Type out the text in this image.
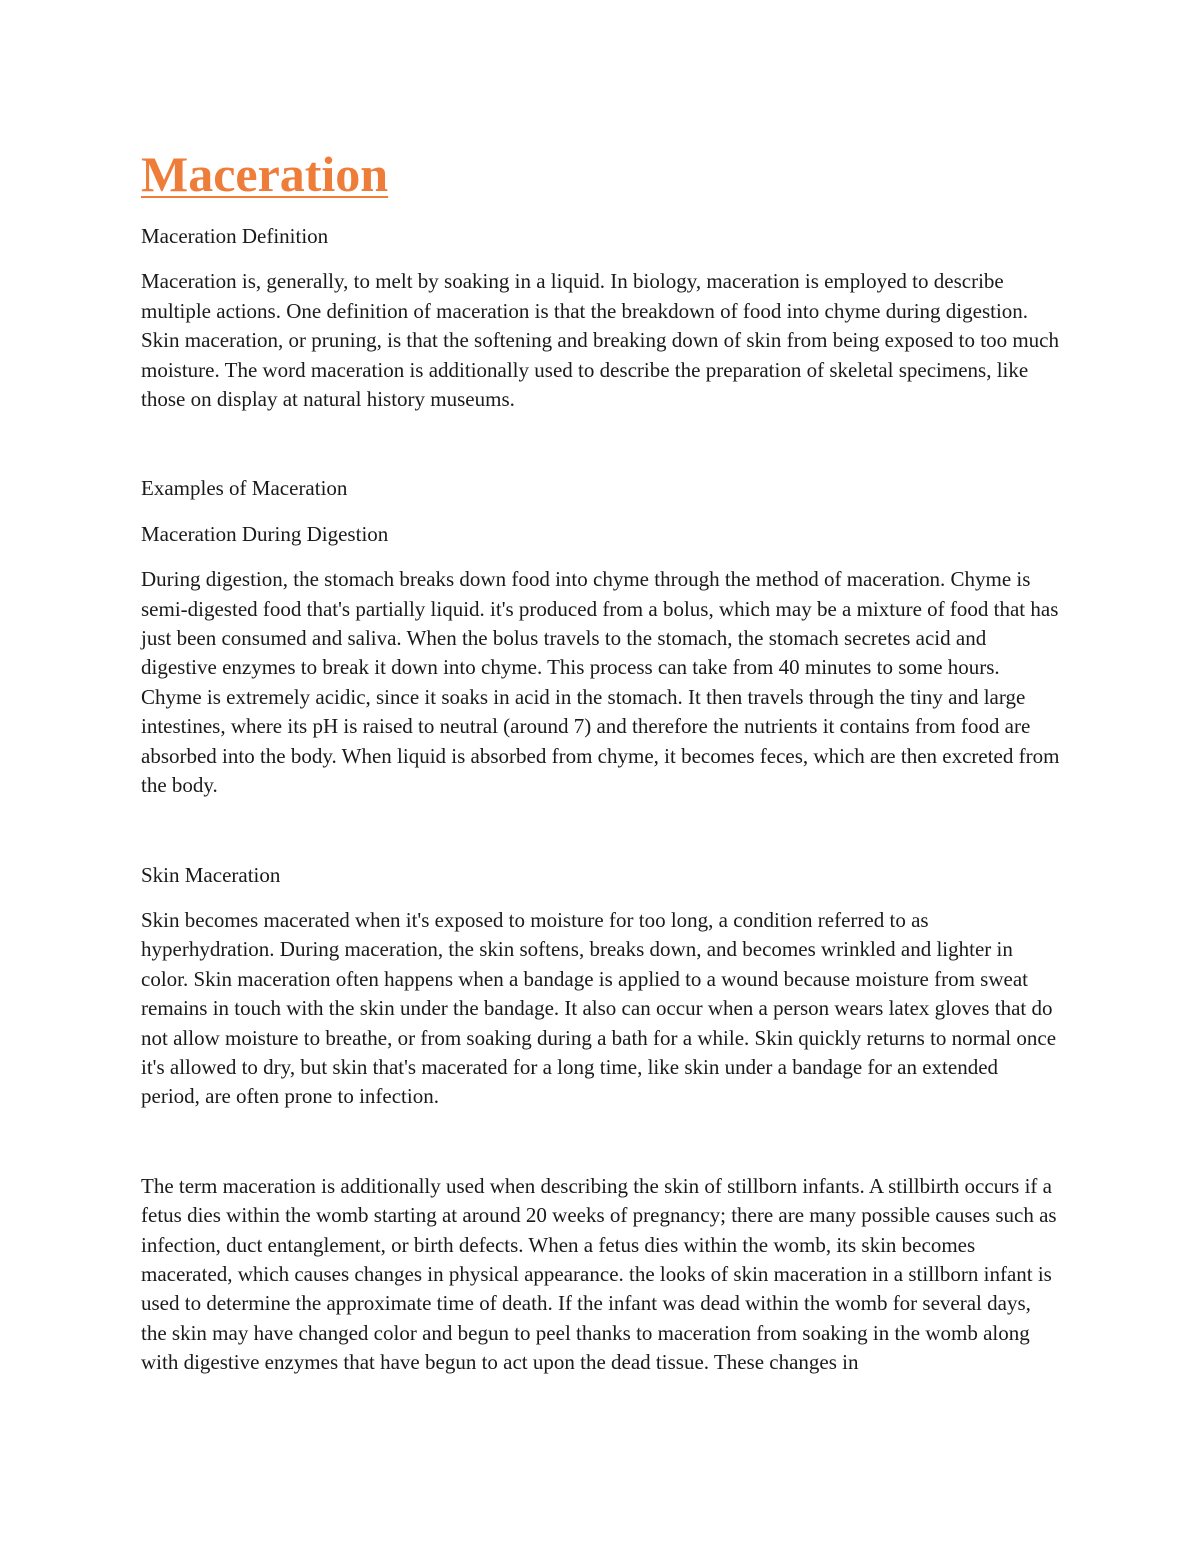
Maceration

Maceration Definition

Maceration is, generally, to melt by soaking in a liquid. In biology, maceration is employed to describe multiple actions. One definition of maceration is that the breakdown of food into chyme during digestion. Skin maceration, or pruning, is that the softening and breaking down of skin from being exposed to too much moisture. The word maceration is additionally used to describe the preparation of skeletal specimens, like those on display at natural history museums.

Examples of Maceration

Maceration During Digestion

During digestion, the stomach breaks down food into chyme through the method of maceration. Chyme is semi-digested food that's partially liquid. it's produced from a bolus, which may be a mixture of food that has just been consumed and saliva. When the bolus travels to the stomach, the stomach secretes acid and digestive enzymes to break it down into chyme. This process can take from 40 minutes to some hours. Chyme is extremely acidic, since it soaks in acid in the stomach. It then travels through the tiny and large intestines, where its pH is raised to neutral (around 7) and therefore the nutrients it contains from food are absorbed into the body. When liquid is absorbed from chyme, it becomes feces, which are then excreted from the body.

Skin Maceration

Skin becomes macerated when it's exposed to moisture for too long, a condition referred to as hyperhydration. During maceration, the skin softens, breaks down, and becomes wrinkled and lighter in color. Skin maceration often happens when a bandage is applied to a wound because moisture from sweat remains in touch with the skin under the bandage. It also can occur when a person wears latex gloves that do not allow moisture to breathe, or from soaking during a bath for a while. Skin quickly returns to normal once it's allowed to dry, but skin that's macerated for a long time, like skin under a bandage for an extended period, are often prone to infection.

The term maceration is additionally used when describing the skin of stillborn infants. A stillbirth occurs if a fetus dies within the womb starting at around 20 weeks of pregnancy; there are many possible causes such as infection, duct entanglement, or birth defects. When a fetus dies within the womb, its skin becomes macerated, which causes changes in physical appearance. the looks of skin maceration in a stillborn infant is used to determine the approximate time of death. If the infant was dead within the womb for several days, the skin may have changed color and begun to peel thanks to maceration from soaking in the womb along with digestive enzymes that have begun to act upon the dead tissue. These changes in
